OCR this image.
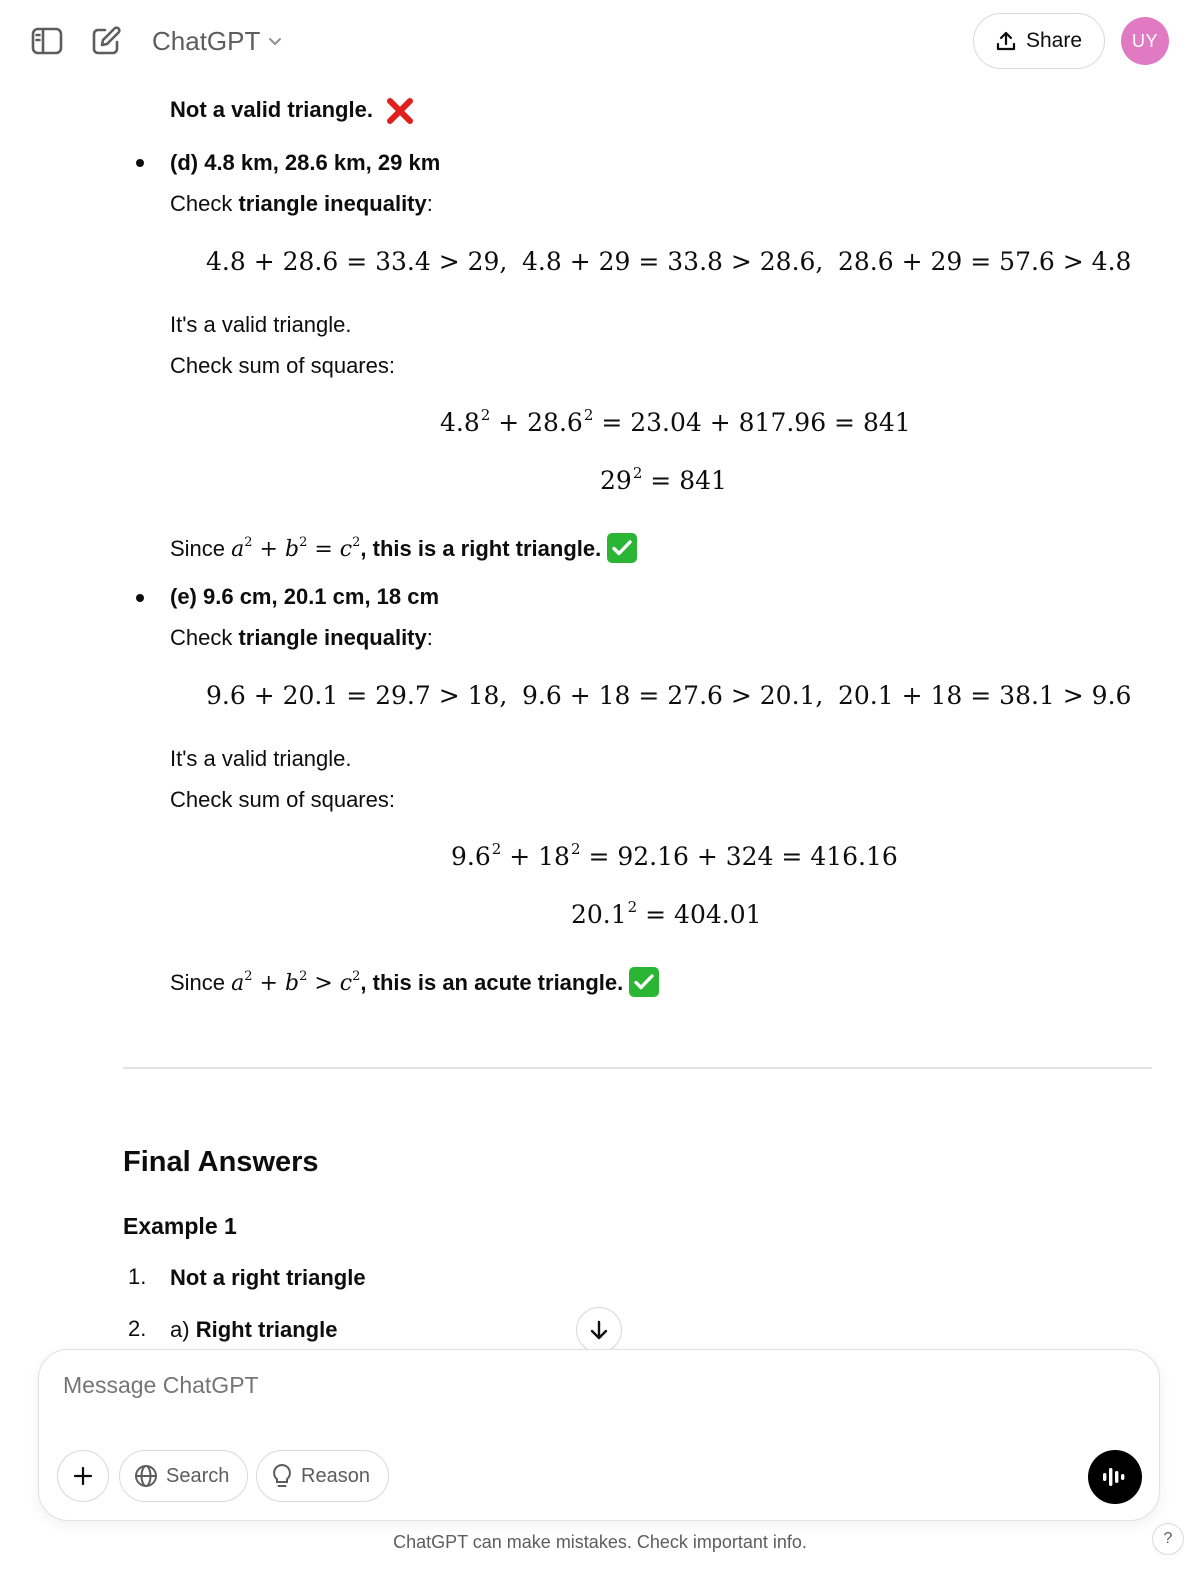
ChatGPT	Share	UY
Not a valid triangle.
(d) 4.8 km, 28.6 km, 29 km
Check triangle inequality:
4.8 + 28.6 = 33.4 > 29, 4.8 + 29 = 33.8 > 28.6, 28.6 + 29 = 57.6 > 4.8
It's a valid triangle.
Check sum of squares:
$4.8^2 + 28.6^2 = 23.04 + 817.96 = 841$
$29^2 = 841$
Since $a^2 + b^2 = c^2$, this is a right triangle.
(e) 9.6 cm, 20.1 cm, 18 cm
Check triangle inequality:
9.6 + 20.1 = 29.7 > 18, 9.6 + 18 = 27.6 > 20.1, 20.1 + 18 = 38.1 > 9.6
It's a valid triangle.
Check sum of squares:
$9.6^2 + 18^2 = 92.16 + 324 = 416.16$
$20.1^2 = 404.01$
Since $a^2 + b^2 > c^2$, this is an acute triangle.
Final Answers
Example 1
1. Not a right triangle
2. a) Right triangle
Message ChatGPT
Search	Reason
ChatGPT can make mistakes. Check important info.	?
